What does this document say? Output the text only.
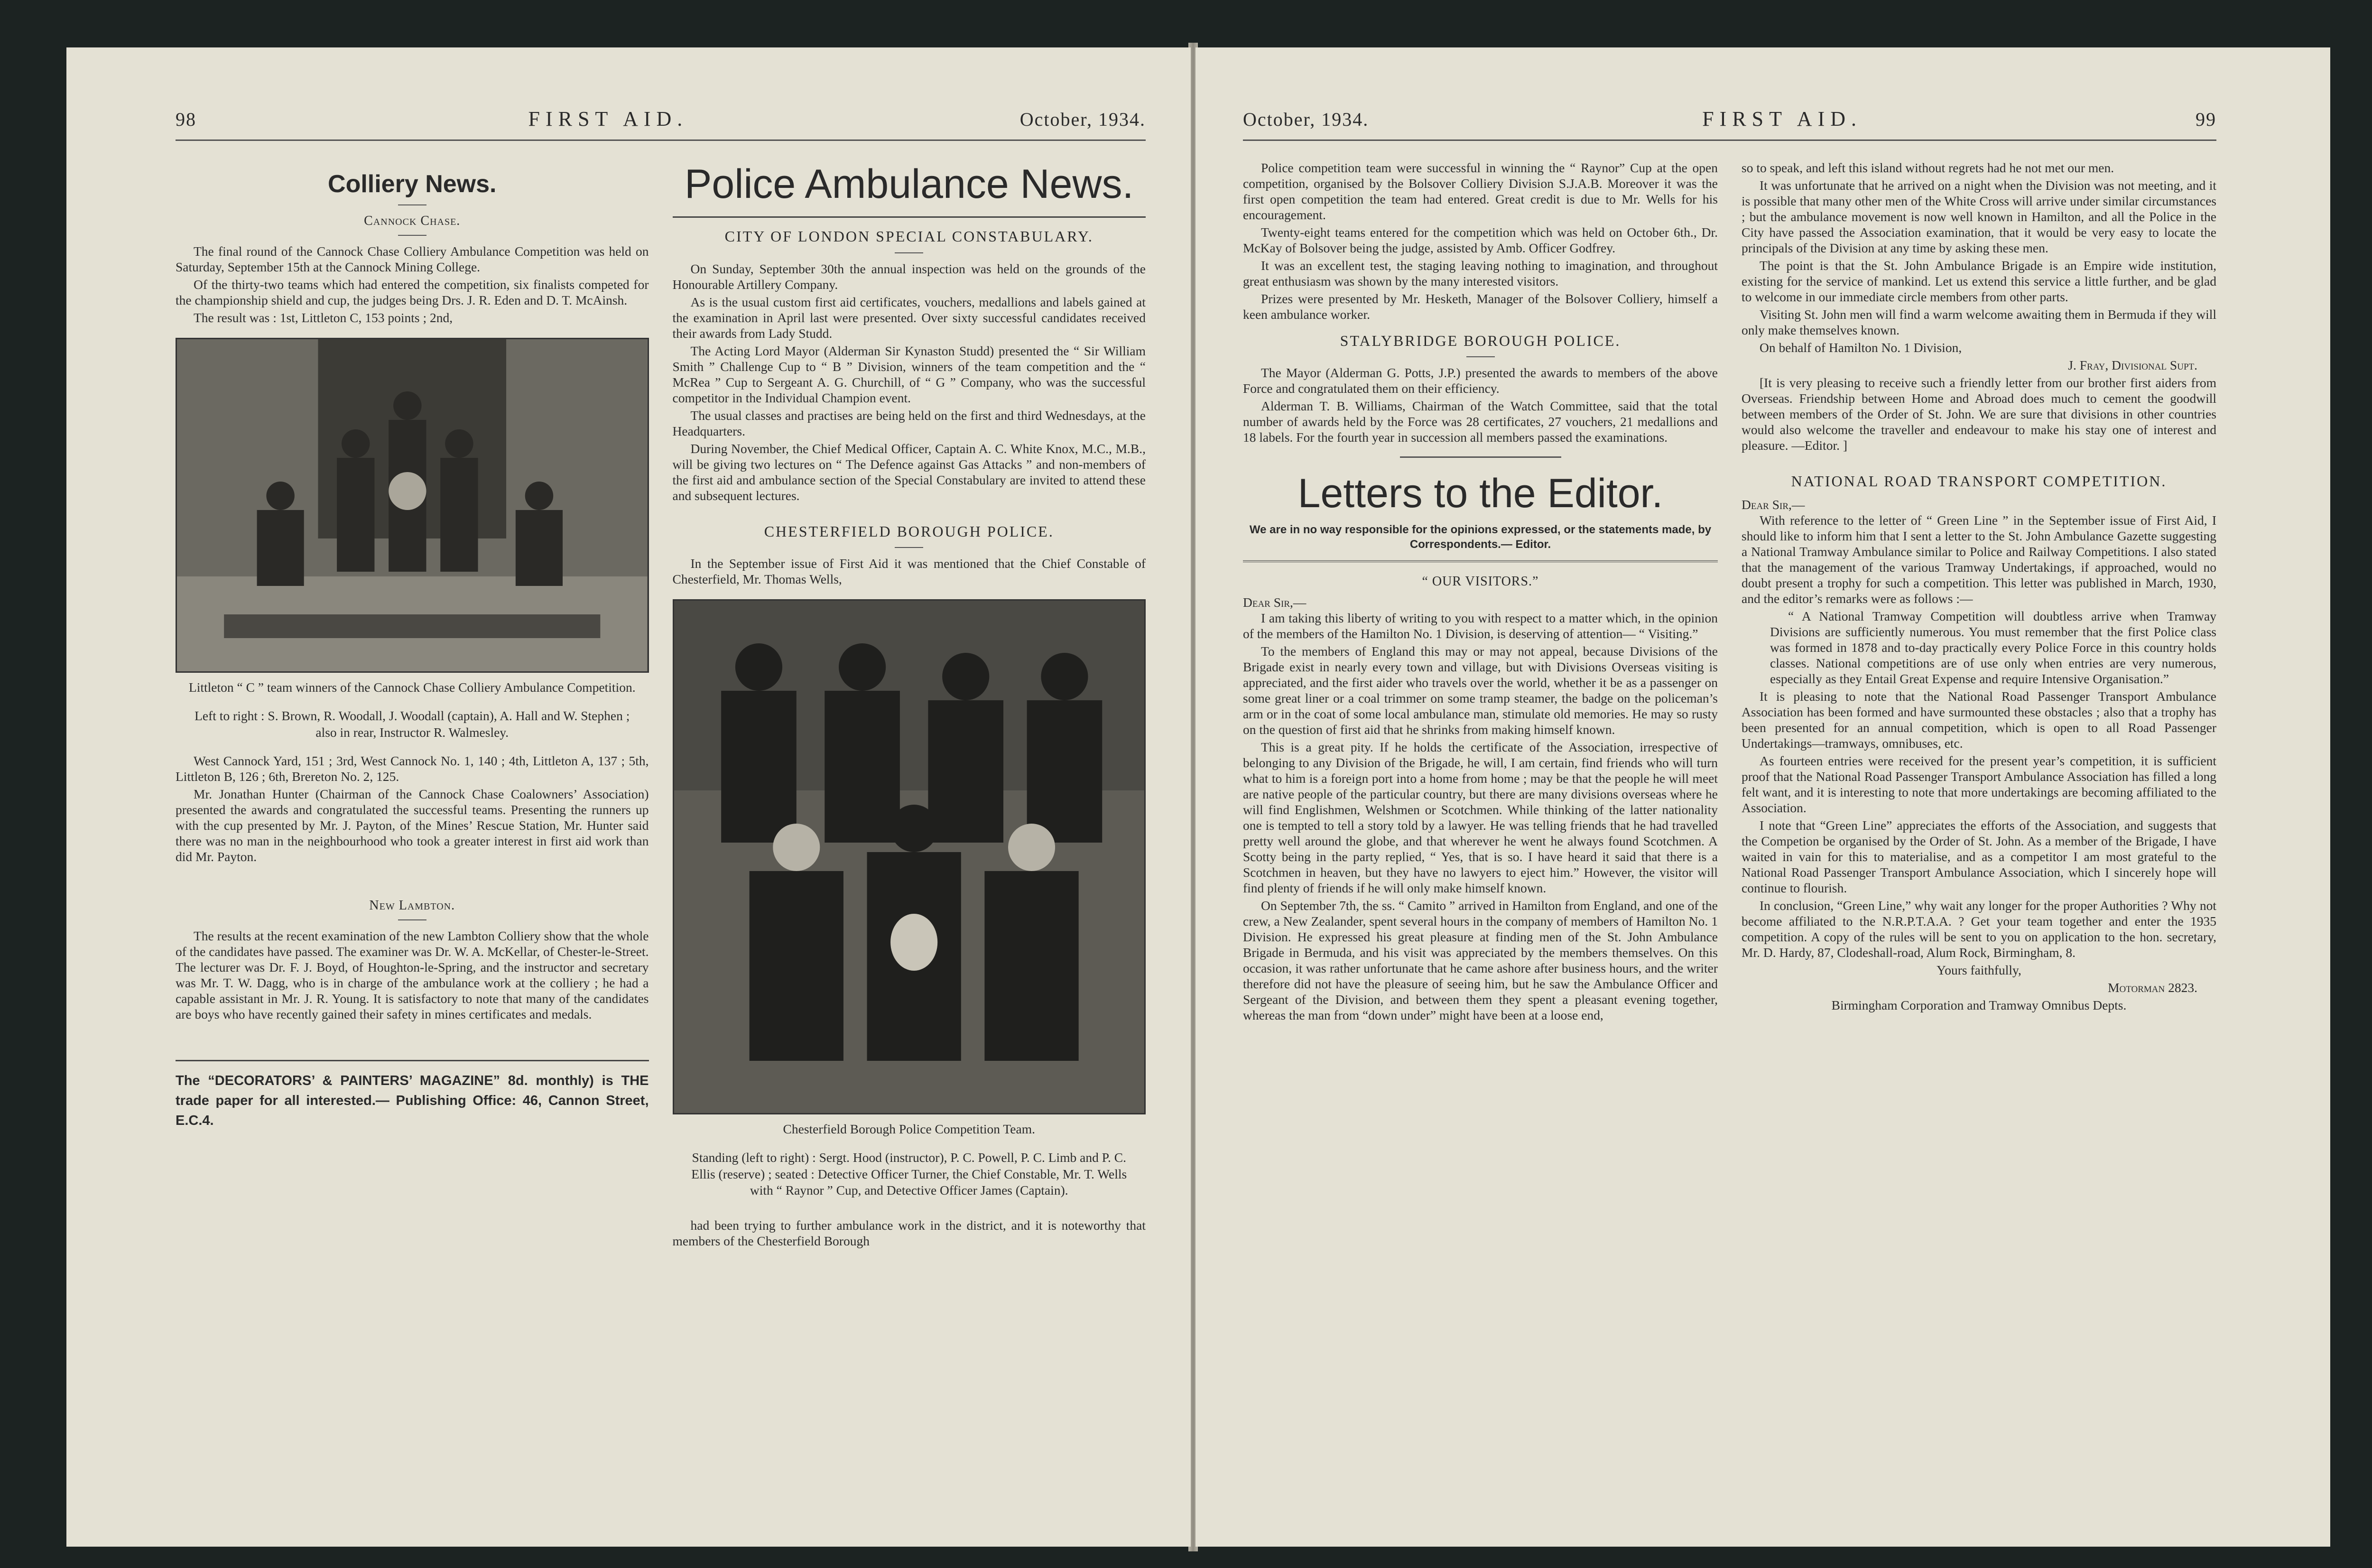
98	FIRST AID.	October, 1934.
Colliery News.
Cannock Chase.

The final round of the Cannock Chase Colliery Ambulance Competition was held on Saturday, September 15th at the Cannock Mining College.

Of the thirty-two teams which had entered the competition, six finalists competed for the championship shield and cup, the judges being Drs. J. R. Eden and D. T. McAinsh.

The result was : 1st, Littleton C, 153 points ; 2nd,

Littleton “ C ” team winners of the Cannock Chase Colliery Ambulance Competition.
Left to right : S. Brown, R. Woodall, J. Woodall (captain), A. Hall and W. Stephen ; also in rear, Instructor R. Walmesley.

West Cannock Yard, 151 ; 3rd, West Cannock No. 1, 140 ; 4th, Littleton A, 137 ; 5th, Littleton B, 126 ; 6th, Brereton No. 2, 125.

Mr. Jonathan Hunter (Chairman of the Cannock Chase Coalowners’ Association) presented the awards and congratulated the successful teams. Presenting the runners up with the cup presented by Mr. J. Payton, of the Mines’ Rescue Station, Mr. Hunter said there was no man in the neighbourhood who took a greater interest in first aid work than did Mr. Payton.

New Lambton.

The results at the recent examination of the new Lambton Colliery show that the whole of the candidates have passed. The examiner was Dr. W. A. McKellar, of Chester-le-Street. The lecturer was Dr. F. J. Boyd, of Houghton-le-Spring, and the instructor and secretary was Mr. T. W. Dagg, who is in charge of the ambulance work at the colliery ; he had a capable assistant in Mr. J. R. Young. It is satisfactory to note that many of the candidates are boys who have recently gained their safety in mines certificates and medals.

The “DECORATORS’ & PAINTERS’ MAGAZINE” 8d. monthly) is THE trade paper for all interested.— Publishing Office: 46, Cannon Street, E.C.4.
Police Ambulance News.
CITY OF LONDON SPECIAL CONSTABULARY.

On Sunday, September 30th the annual inspection was held on the grounds of the Honourable Artillery Company.

As is the usual custom first aid certificates, vouchers, medallions and labels gained at the examination in April last were presented. Over sixty successful candidates received their awards from Lady Studd.

The Acting Lord Mayor (Alderman Sir Kynaston Studd) presented the “ Sir William Smith ” Challenge Cup to “ B ” Division, winners of the team competition and the “ McRea ” Cup to Sergeant A. G. Churchill, of “ G ” Company, who was the successful competitor in the Individual Champion event.

The usual classes and practises are being held on the first and third Wednesdays, at the Headquarters.

During November, the Chief Medical Officer, Captain A. C. White Knox, M.C., M.B., will be giving two lectures on “ The Defence against Gas Attacks ” and non-members of the first aid and ambulance section of the Special Constabulary are invited to attend these and subsequent lectures.

CHESTERFIELD BOROUGH POLICE.

In the September issue of First Aid it was mentioned that the Chief Constable of Chesterfield, Mr. Thomas Wells,

Chesterfield Borough Police Competition Team.
Standing (left to right) : Sergt. Hood (instructor), P. C. Powell, P. C. Limb and P. C. Ellis (reserve) ; seated : Detective Officer Turner, the Chief Constable, Mr. T. Wells with “ Raynor ” Cup, and Detective Officer James (Captain).

had been trying to further ambulance work in the district, and it is noteworthy that members of the Chesterfield Borough

October, 1934.	FIRST AID.	99

Police competition team were successful in winning the “ Raynor” Cup at the open competition, organised by the Bolsover Colliery Division S.J.A.B. Moreover it was the first open competition the team had entered. Great credit is due to Mr. Wells for his encouragement.

Twenty-eight teams entered for the competition which was held on October 6th., Dr. McKay of Bolsover being the judge, assisted by Amb. Officer Godfrey.

It was an excellent test, the staging leaving nothing to imagination, and throughout great enthusiasm was shown by the many interested visitors.

Prizes were presented by Mr. Hesketh, Manager of the Bolsover Colliery, himself a keen ambulance worker.

STALYBRIDGE BOROUGH POLICE.

The Mayor (Alderman G. Potts, J.P.) presented the awards to members of the above Force and congratulated them on their efficiency.

Alderman T. B. Williams, Chairman of the Watch Committee, said that the total number of awards held by the Force was 28 certificates, 27 vouchers, 21 medallions and 18 labels. For the fourth year in succession all members passed the examinations.

Letters to the Editor.
We are in no way responsible for the opinions expressed, or the statements made, by Correspondents.— Editor.
“ OUR VISITORS.”
Dear Sir,—

I am taking this liberty of writing to you with respect to a matter which, in the opinion of the members of the Hamilton No. 1 Division, is deserving of attention— “ Visiting.”

To the members of England this may or may not appeal, because Divisions of the Brigade exist in nearly every town and village, but with Divisions Overseas visiting is appreciated, and the first aider who travels over the world, whether it be as a passenger on some great liner or a coal trimmer on some tramp steamer, the badge on the policeman’s arm or in the coat of some local ambulance man, stimulate old memories. He may so rusty on the question of first aid that he shrinks from making himself known.

This is a great pity. If he holds the certificate of the Association, irrespective of belonging to any Division of the Brigade, he will, I am certain, find friends who will turn what to him is a foreign port into a home from home ; may be that the people he will meet are native people of the particular country, but there are many divisions overseas where he will find Englishmen, Welshmen or Scotchmen. While thinking of the latter nationality one is tempted to tell a story told by a lawyer. He was telling friends that he had travelled pretty well around the globe, and that wherever he went he always found Scotchmen. A Scotty being in the party replied, “ Yes, that is so. I have heard it said that there is a Scotchmen in heaven, but they have no lawyers to eject him.” However, the visitor will find plenty of friends if he will only make himself known.

On September 7th, the ss. “ Camito ” arrived in Hamilton from England, and one of the crew, a New Zealander, spent several hours in the company of members of Hamilton No. 1 Division. He expressed his great pleasure at finding men of the St. John Ambulance Brigade in Bermuda, and his visit was appreciated by the members themselves. On this occasion, it was rather unfortunate that he came ashore after business hours, and the writer therefore did not have the pleasure of seeing him, but he saw the Ambulance Officer and Sergeant of the Division, and between them they spent a pleasant evening together, whereas the man from “down under” might have been at a loose end,

so to speak, and left this island without regrets had he not met our men.

It was unfortunate that he arrived on a night when the Division was not meeting, and it is possible that many other men of the White Cross will arrive under similar circumstances ; but the ambulance movement is now well known in Hamilton, and all the Police in the City have passed the Association examination, that it would be very easy to locate the principals of the Division at any time by asking these men.

The point is that the St. John Ambulance Brigade is an Empire wide institution, existing for the service of mankind. Let us extend this service a little further, and be glad to welcome in our immediate circle members from other parts.

Visiting St. John men will find a warm welcome awaiting them in Bermuda if they will only make themselves known.

On behalf of Hamilton No. 1 Division,

J. Fray, Divisional Supt.

[It is very pleasing to receive such a friendly letter from our brother first aiders from Overseas. Friendship between Home and Abroad does much to cement the goodwill between members of the Order of St. John. We are sure that divisions in other countries would also welcome the traveller and endeavour to make his stay one of interest and pleasure. —Editor. ]

NATIONAL ROAD TRANSPORT COMPETITION.
Dear Sir,—

With reference to the letter of “ Green Line ” in the September issue of First Aid, I should like to inform him that I sent a letter to the St. John Ambulance Gazette suggesting a National Tramway Ambulance similar to Police and Railway Competitions. I also stated that the management of the various Tramway Undertakings, if approached, would no doubt present a trophy for such a competition. This letter was published in March, 1930, and the editor’s remarks were as follows :—

“ A National Tramway Competition will doubtless arrive when Tramway Divisions are sufficiently numerous. You must remember that the first Police class was formed in 1878 and to-day practically every Police Force in this country holds classes. National competitions are of use only when entries are very numerous, especially as they Entail Great Expense and require Intensive Organisation.”

It is pleasing to note that the National Road Passenger Transport Ambulance Association has been formed and have surmounted these obstacles ; also that a trophy has been presented for an annual competition, which is open to all Road Passenger Undertakings—tramways, omnibuses, etc.

As fourteen entries were received for the present year’s competition, it is sufficient proof that the National Road Passenger Transport Ambulance Association has filled a long felt want, and it is interesting to note that more undertakings are becoming affiliated to the Association.

I note that “Green Line” appreciates the efforts of the Association, and suggests that the Competion be organised by the Order of St. John. As a member of the Brigade, I have waited in vain for this to materialise, and as a competitor I am most grateful to the National Road Passenger Transport Ambulance Association, which I sincerely hope will continue to flourish.

In conclusion, “Green Line,” why wait any longer for the proper Authorities ? Why not become affiliated to the N.R.P.T.A.A. ? Get your team together and enter the 1935 competition. A copy of the rules will be sent to you on application to the hon. secretary, Mr. D. Hardy, 87, Clodeshall-road, Alum Rock, Birmingham, 8.

Yours faithfully,
Motorman 2823.
Birmingham Corporation and Tramway Omnibus Depts.
